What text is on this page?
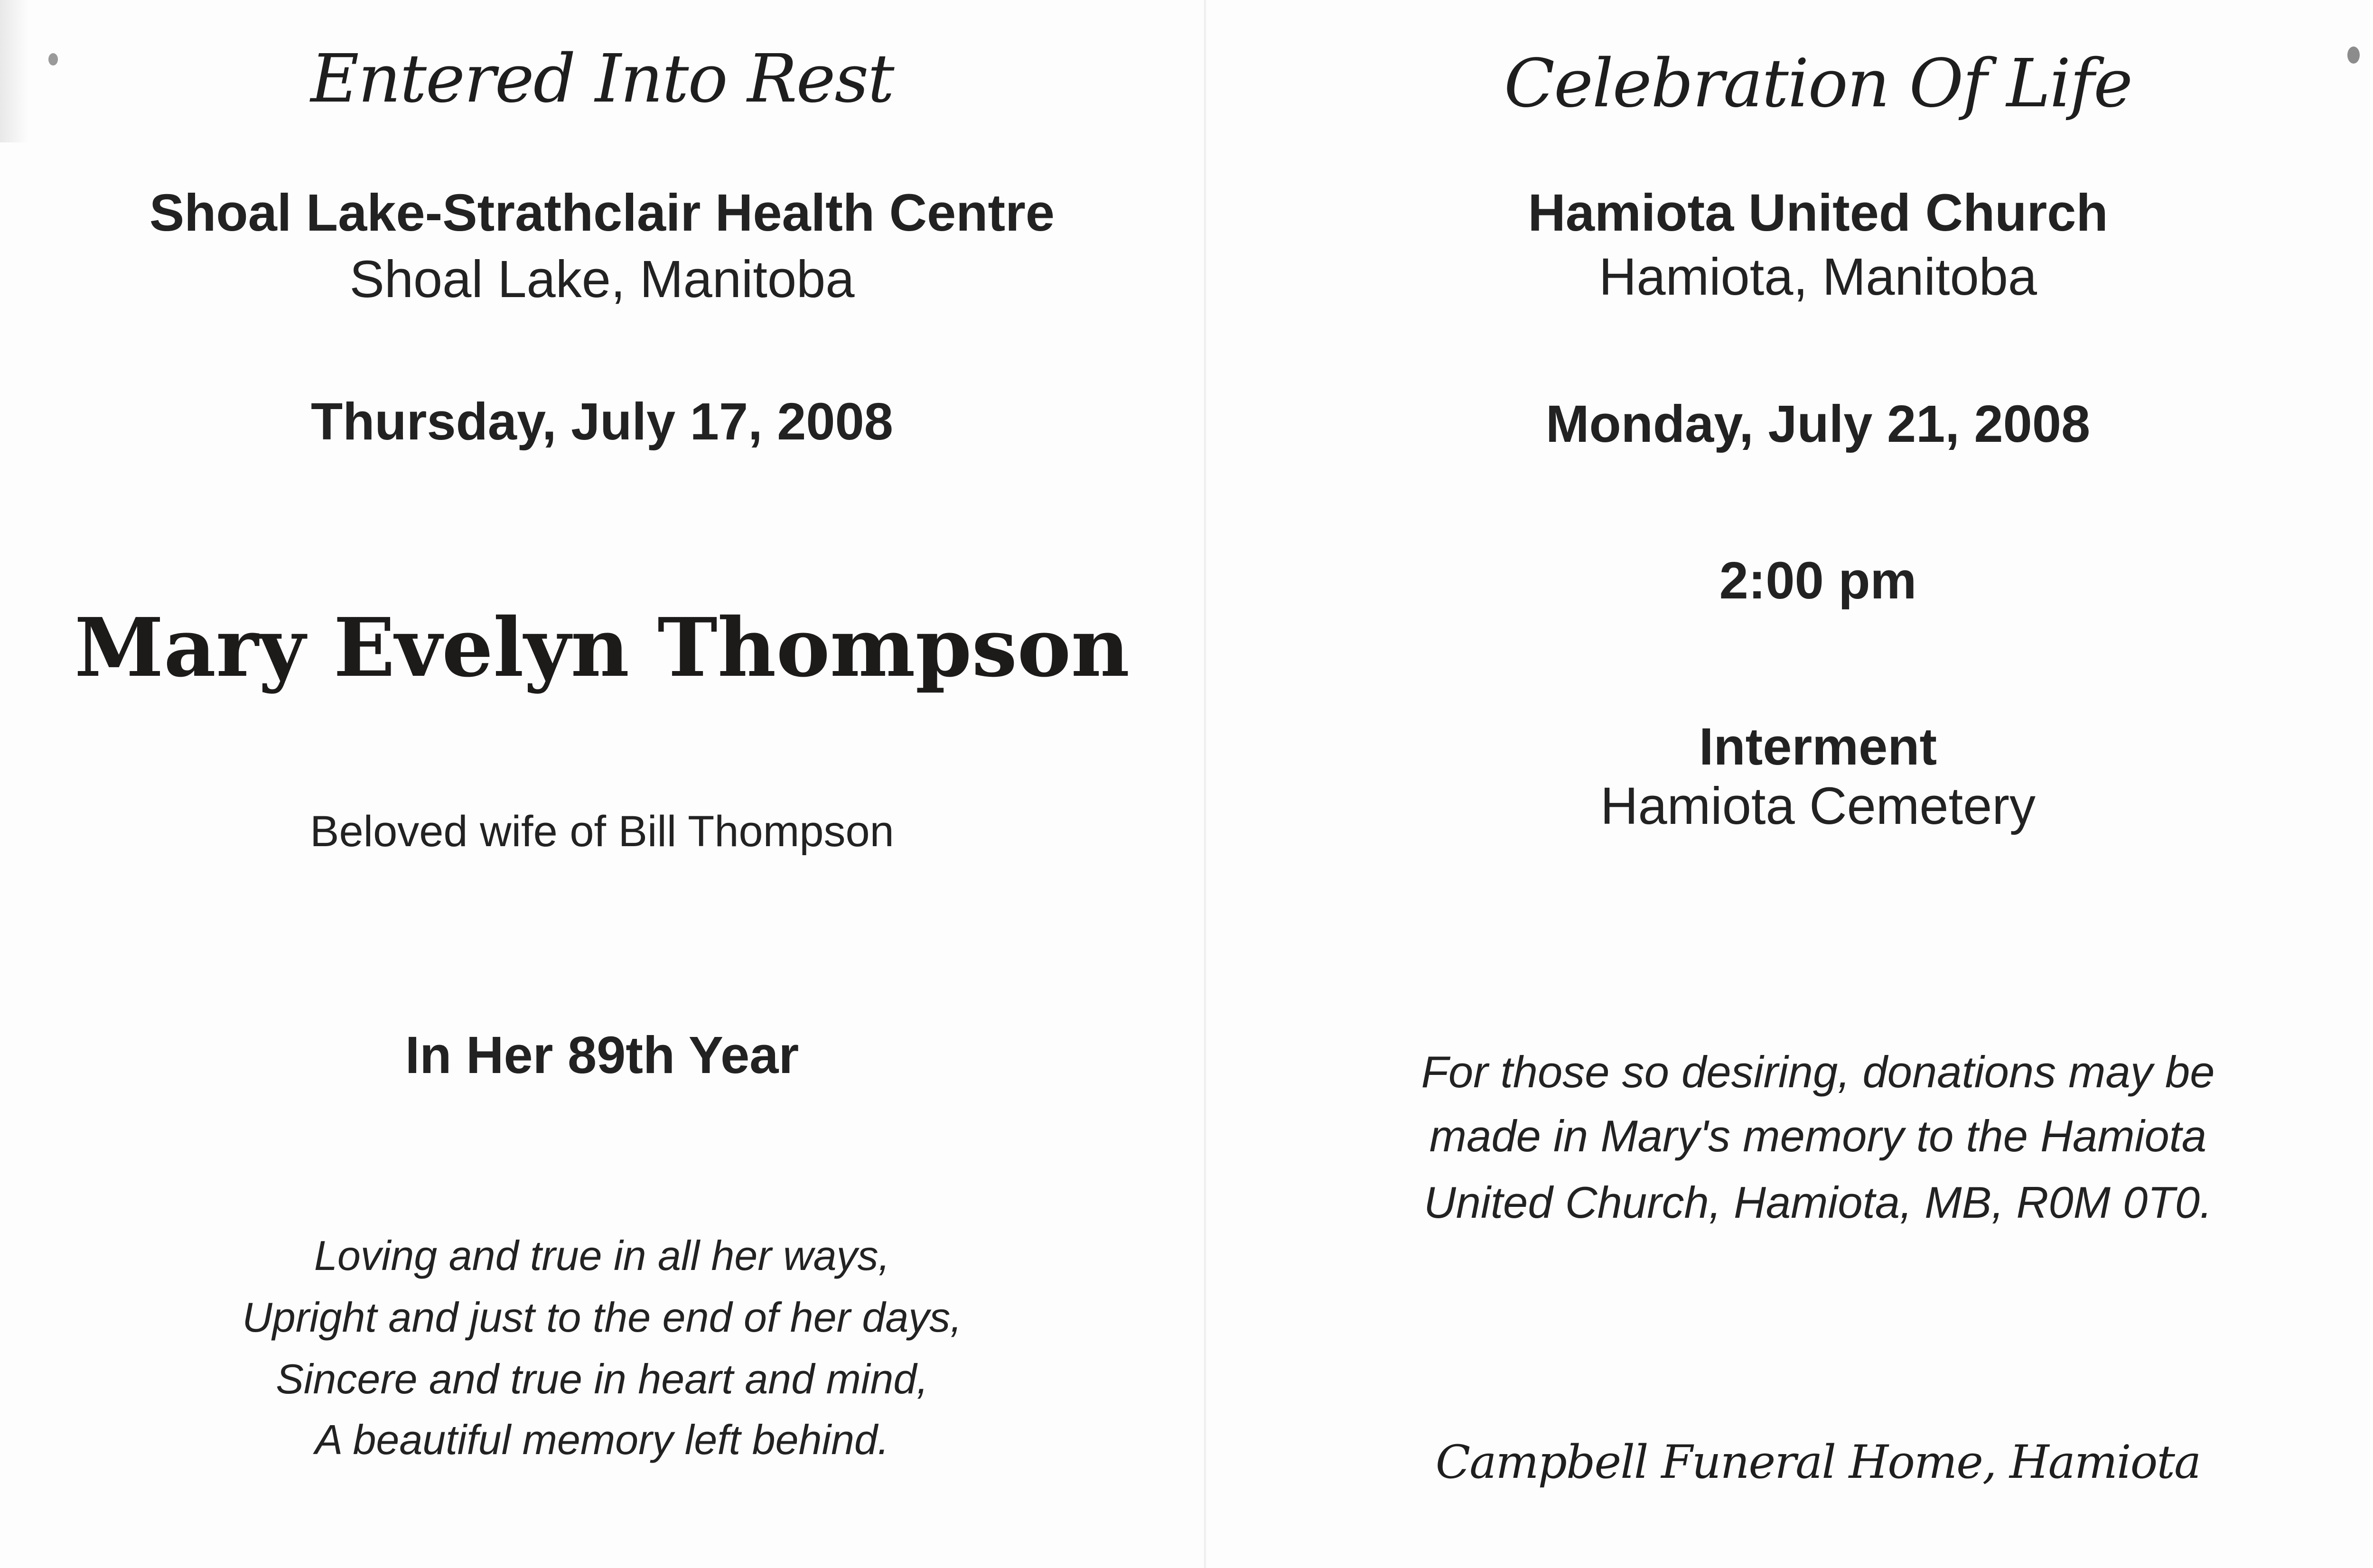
Entered Into Rest
Shoal Lake-Strathclair Health Centre
Shoal Lake, Manitoba
Thursday, July 17, 2008
Mary Evelyn Thompson
Beloved wife of Bill Thompson
In Her 89th Year
Loving and true in all her ways,
Upright and just to the end of her days,
Sincere and true in heart and mind,
A beautiful memory left behind.
Celebration Of Life
Hamiota United Church
Hamiota, Manitoba
Monday, July 21, 2008
2:00 pm
Interment
Hamiota Cemetery
For those so desiring, donations may be
made in Mary's memory to the Hamiota
United Church, Hamiota, MB, R0M 0T0.
Campbell Funeral Home, Hamiota
